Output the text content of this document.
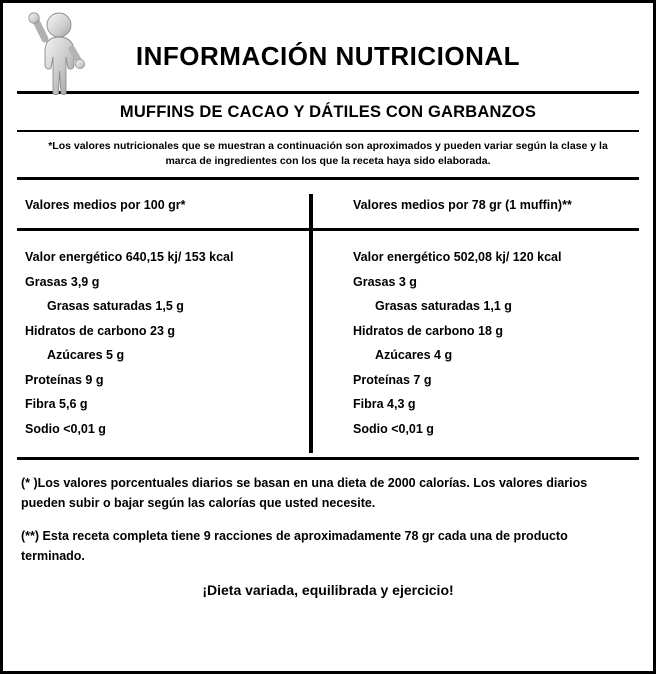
INFORMACIÓN NUTRICIONAL
MUFFINS DE CACAO Y DÁTILES CON GARBANZOS
*Los valores nutricionales que se muestran a continuación son aproximados y pueden variar según la clase y la marca de ingredientes con los que la receta haya sido elaborada.
Valores medios por 100 gr*	Valores medios por 78 gr (1 muffin)**
Valor energético 640,15 kj/ 153 kcal
Grasas 3,9 g
Grasas saturadas 1,5 g
Hidratos de carbono 23 g
Azúcares 5 g
Proteínas 9 g
Fibra 5,6 g
Sodio <0,01 g
Valor energético 502,08 kj/ 120 kcal
Grasas 3 g
Grasas saturadas 1,1 g
Hidratos de carbono 18 g
Azúcares 4 g
Proteínas 7 g
Fibra 4,3 g
Sodio <0,01 g
(* )Los valores porcentuales diarios se basan en una dieta de 2000 calorías. Los valores diarios pueden subir o bajar según las calorías que usted necesite.
(**) Esta receta completa tiene 9 racciones de aproximadamente 78 gr cada una de producto terminado.
¡Dieta variada, equilibrada y ejercicio!
